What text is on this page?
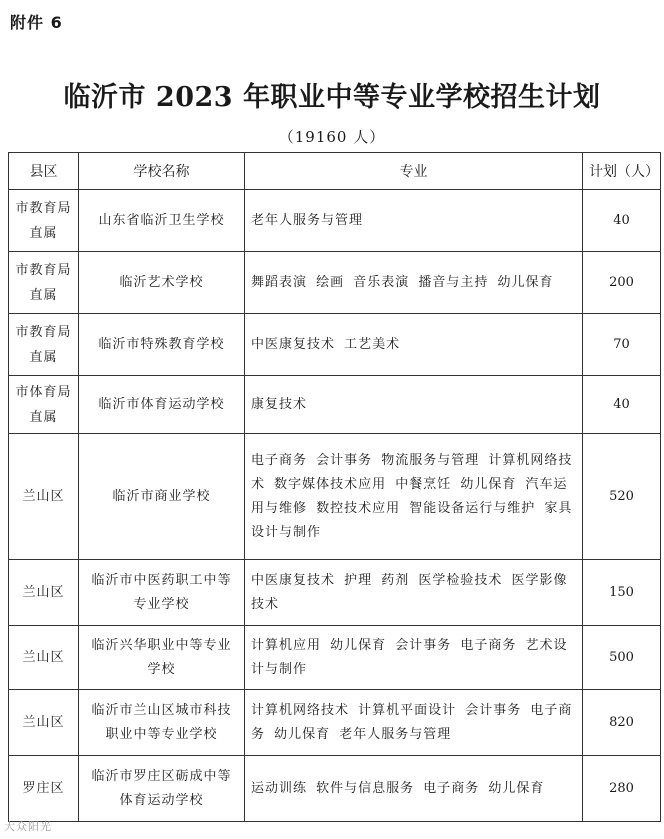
附件 6
临沂市 2023 年职业中等专业学校招生计划
（19160 人）
县区	学校名称	专业	计划（人）
市教育局直属	山东省临沂卫生学校	老年人服务与管理	40
市教育局直属	临沂艺术学校	舞蹈表演 绘画 音乐表演 播音与主持 幼儿保育	200
市教育局直属	临沂市特殊教育学校	中医康复技术 工艺美术	70
市体育局直属	临沂市体育运动学校	康复技术	40
兰山区	临沂市商业学校	电子商务 会计事务 物流服务与管理 计算机网络技术 数字媒体技术应用 中餐烹饪 幼儿保育 汽车运用与维修 数控技术应用 智能设备运行与维护 家具设计与制作	520
兰山区	临沂市中医药职工中等专业学校	中医康复技术 护理 药剂 医学检验技术 医学影像技术	150
兰山区	临沂兴华职业中等专业学校	计算机应用 幼儿保育 会计事务 电子商务 艺术设计与制作	500
兰山区	临沂市兰山区城市科技职业中等专业学校	计算机网络技术 计算机平面设计 会计事务 电子商务 幼儿保育 老年人服务与管理	820
罗庄区	临沂市罗庄区砺成中等体育运动学校	运动训练 软件与信息服务 电子商务 幼儿保育	280
大众阳光
